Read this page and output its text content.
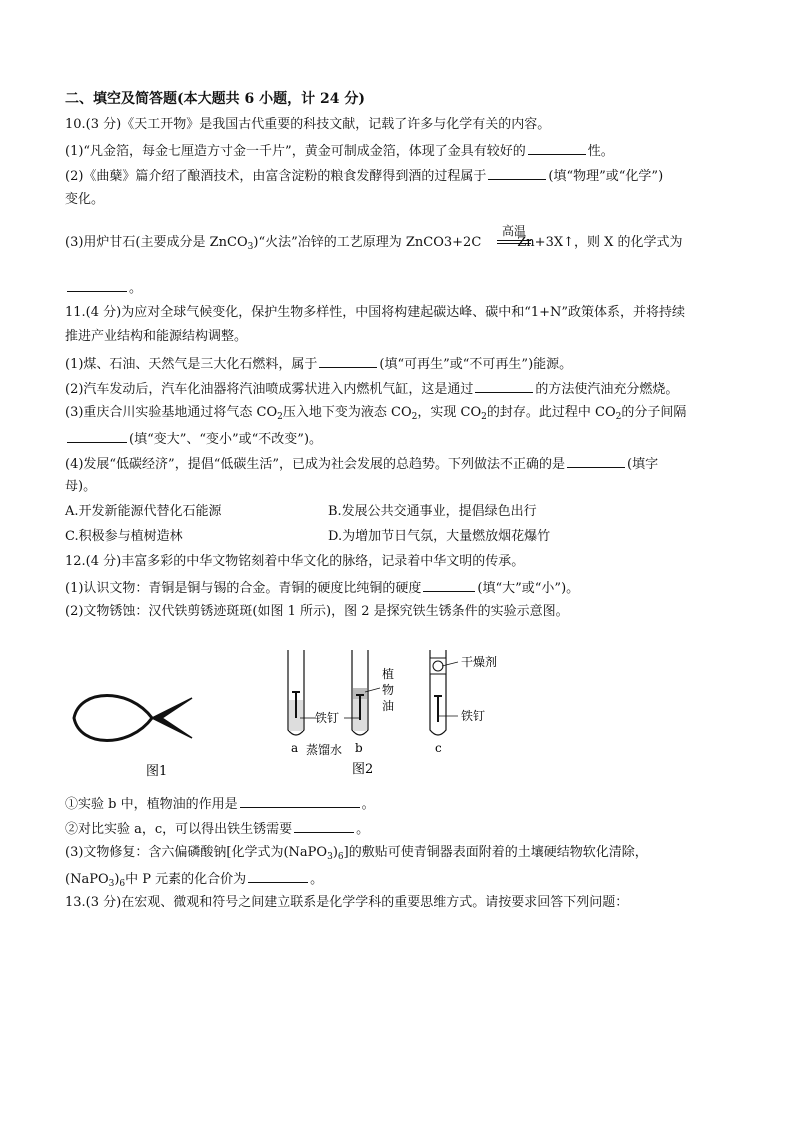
二、填空及简答题(本大题共 6 小题，计 24 分)
10.(3 分)《天工开物》是我国古代重要的科技文献，记载了许多与化学有关的内容。
(1)“凡金箔，每金七厘造方寸金一千片”，黄金可制成金箔，体现了金具有较好的	性。
(2)《曲蘖》篇介绍了酿酒技术，由富含淀粉的粮食发酵得到酒的过程属于	(填“物理”或“化学”)
变化。
(3)用炉甘石(主要成分是 ZnCO$_3$)“火法”冶锌的工艺原理为 ZnCO3+2C	Zn+3X↑，则 X 的化学式为
高温
。
11.(4 分)为应对全球气候变化，保护生物多样性，中国将构建起碳达峰、碳中和“1+N”政策体系，并将持续
推进产业结构和能源结构调整。
(1)煤、石油、天然气是三大化石燃料，属于	(填“可再生”或“不可再生”)能源。
(2)汽车发动后，汽车化油器将汽油喷成雾状进入内燃机气缸，这是通过	的方法使汽油充分燃烧。
(3)重庆合川实验基地通过将气态 $CO_2$压入地下变为液态 $CO_2$，实现 $CO_2$的封存。此过程中 $CO_2$的分子间隔
(填“变大”、“变小”或“不改变”)。
(4)发展“低碳经济”，提倡“低碳生活”，已成为社会发展的总趋势。下列做法不正确的是	(填字
母)。
A.开发新能源代替化石能源	B.发展公共交通事业，提倡绿色出行
C.积极参与植树造林	D.为增加节日气氛，大量燃放烟花爆竹
12.(4 分)丰富多彩的中华文物铭刻着中华文化的脉络，记录着中华文明的传承。
(1)认识文物：青铜是铜与锡的合金。青铜的硬度比纯铜的硬度	(填“大”或“小”)。
(2)文物锈蚀：汉代铁剪锈迹斑斑(如图 1 所示)，图 2 是探究铁生锈条件的实验示意图。
图1
铁钉
植
物
油
干燥剂
铁钉
a 蒸馏水 b	c
图2
①实验 b 中，植物油的作用是	。
②对比实验 a，c，可以得出铁生锈需要	。
(3)文物修复：含六偏磷酸钠[化学式为$(NaPO_3)_6$]的敷贴可使青铜器表面附着的土壤硬结物软化清除，
$(NaPO_3)_6$中 P 元素的化合价为	。
13.(3 分)在宏观、微观和符号之间建立联系是化学学科的重要思维方式。请按要求回答下列问题：
